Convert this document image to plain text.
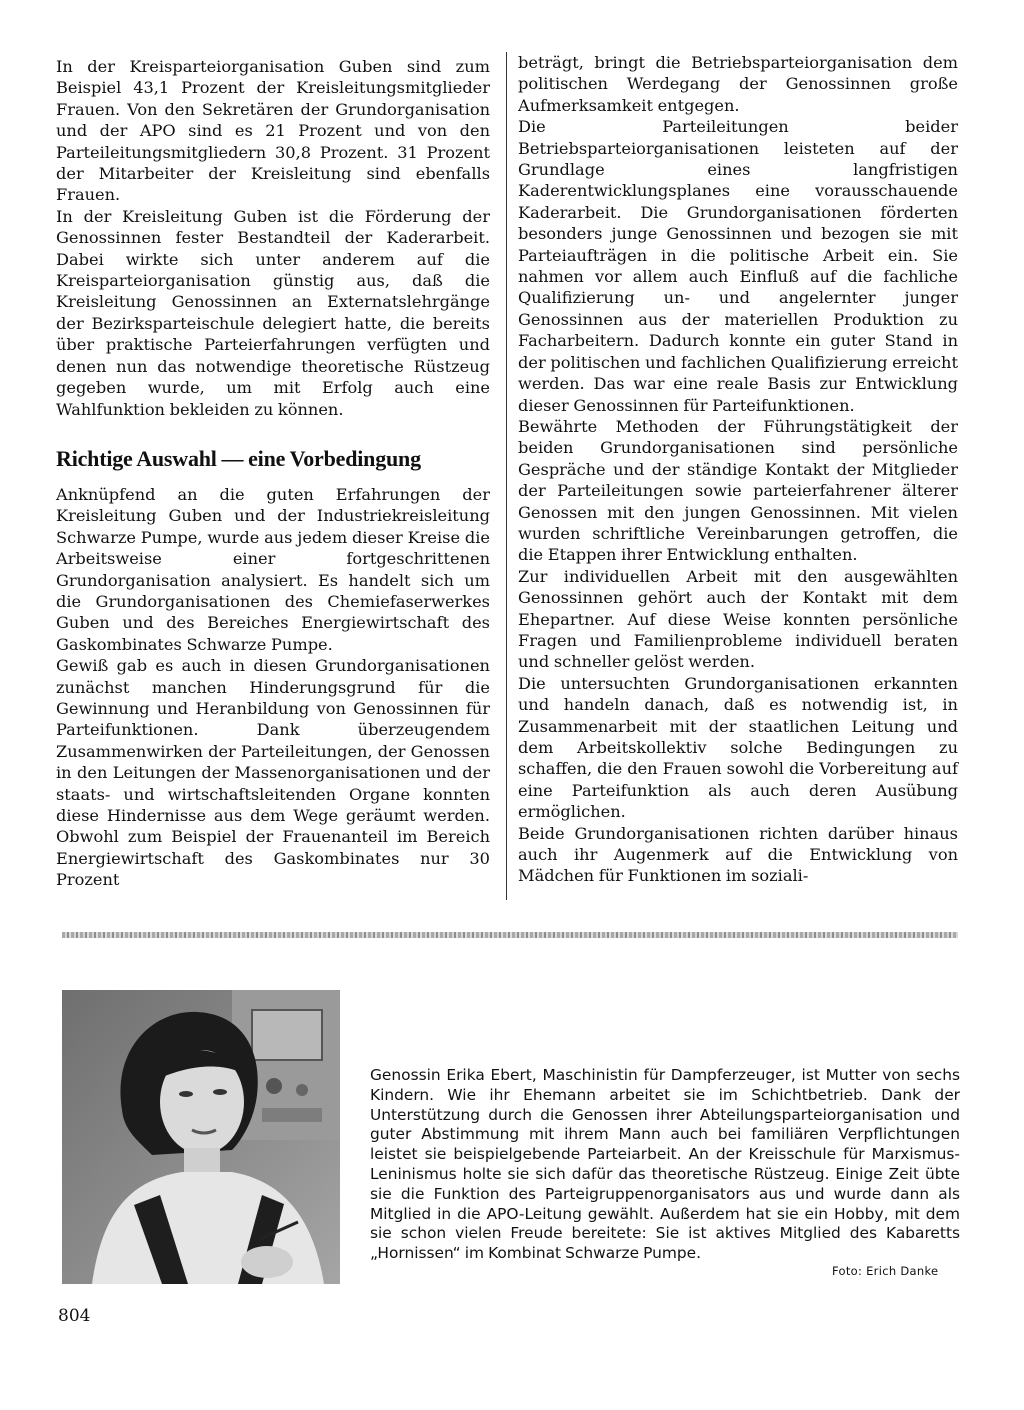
In der Kreisparteiorganisation Guben sind zum Beispiel 43,1 Prozent der Kreisleitungsmitglieder Frauen. Von den Sekretären der Grundorganisation und der APO sind es 21 Prozent und von den Parteileitungsmitgliedern 30,8 Prozent. 31 Prozent der Mitarbeiter der Kreisleitung sind ebenfalls Frauen.

In der Kreisleitung Guben ist die Förderung der Genossinnen fester Bestandteil der Kaderarbeit. Dabei wirkte sich unter anderem auf die Kreisparteiorganisation günstig aus, daß die Kreisleitung Genossinnen an Externatslehrgänge der Bezirksparteischule delegiert hatte, die bereits über praktische Parteierfahrungen verfügten und denen nun das notwendige theoretische Rüstzeug gegeben wurde, um mit Erfolg auch eine Wahlfunktion bekleiden zu können.

Richtige Auswahl — eine Vorbedingung

Anknüpfend an die guten Erfahrungen der Kreisleitung Guben und der Industriekreisleitung Schwarze Pumpe, wurde aus jedem dieser Kreise die Arbeitsweise einer fortgeschrittenen Grundorganisation analysiert. Es handelt sich um die Grundorganisationen des Chemiefaserwerkes Guben und des Bereiches Energiewirtschaft des Gaskombinates Schwarze Pumpe.

Gewiß gab es auch in diesen Grundorganisationen zunächst manchen Hinderungsgrund für die Gewinnung und Heranbildung von Genossinnen für Parteifunktionen. Dank überzeugendem Zusammenwirken der Parteileitungen, der Genossen in den Leitungen der Massenorganisationen und der staats- und wirtschaftsleitenden Organe konnten diese Hindernisse aus dem Wege geräumt werden. Obwohl zum Beispiel der Frauenanteil im Bereich Energiewirtschaft des Gaskombinates nur 30 Prozent

beträgt, bringt die Betriebsparteiorganisation dem politischen Werdegang der Genossinnen große Aufmerksamkeit entgegen.

Die Parteileitungen beider Betriebsparteiorganisationen leisteten auf der Grundlage eines langfristigen Kaderentwicklungsplanes eine vorausschauende Kaderarbeit. Die Grundorganisationen förderten besonders junge Genossinnen und bezogen sie mit Parteiaufträgen in die politische Arbeit ein. Sie nahmen vor allem auch Einfluß auf die fachliche Qualifizierung un- und angelernter junger Genossinnen aus der materiellen Produktion zu Facharbeitern. Dadurch konnte ein guter Stand in der politischen und fachlichen Qualifizierung erreicht werden. Das war eine reale Basis zur Entwicklung dieser Genossinnen für Parteifunktionen.

Bewährte Methoden der Führungstätigkeit der beiden Grundorganisationen sind persönliche Gespräche und der ständige Kontakt der Mitglieder der Parteileitungen sowie parteierfahrener älterer Genossen mit den jungen Genossinnen. Mit vielen wurden schriftliche Vereinbarungen getroffen, die die Etappen ihrer Entwicklung enthalten.

Zur individuellen Arbeit mit den ausgewählten Genossinnen gehört auch der Kontakt mit dem Ehepartner. Auf diese Weise konnten persönliche Fragen und Familienprobleme individuell beraten und schneller gelöst werden.

Die untersuchten Grundorganisationen erkannten und handeln danach, daß es notwendig ist, in Zusammenarbeit mit der staatlichen Leitung und dem Arbeitskollektiv solche Bedingungen zu schaffen, die den Frauen sowohl die Vorbereitung auf eine Parteifunktion als auch deren Ausübung ermöglichen.

Beide Grundorganisationen richten darüber hinaus auch ihr Augenmerk auf die Entwicklung von Mädchen für Funktionen im soziali-

Genossin Erika Ebert, Maschinistin für Dampferzeuger, ist Mutter von sechs Kindern. Wie ihr Ehemann arbeitet sie im Schichtbetrieb. Dank der Unterstützung durch die Genossen ihrer Abteilungsparteiorganisation und guter Abstimmung mit ihrem Mann auch bei familiären Verpflichtungen leistet sie beispielgebende Parteiarbeit. An der Kreisschule für Marxismus-Leninismus holte sie sich dafür das theoretische Rüstzeug. Einige Zeit übte sie die Funktion des Parteigruppenorganisators aus und wurde dann als Mitglied in die APO-Leitung gewählt. Außerdem hat sie ein Hobby, mit dem sie schon vielen Freude bereitete: Sie ist aktives Mitglied des Kabaretts „Hornissen“ im Kombinat Schwarze Pumpe.
Foto: Erich Danke
804
